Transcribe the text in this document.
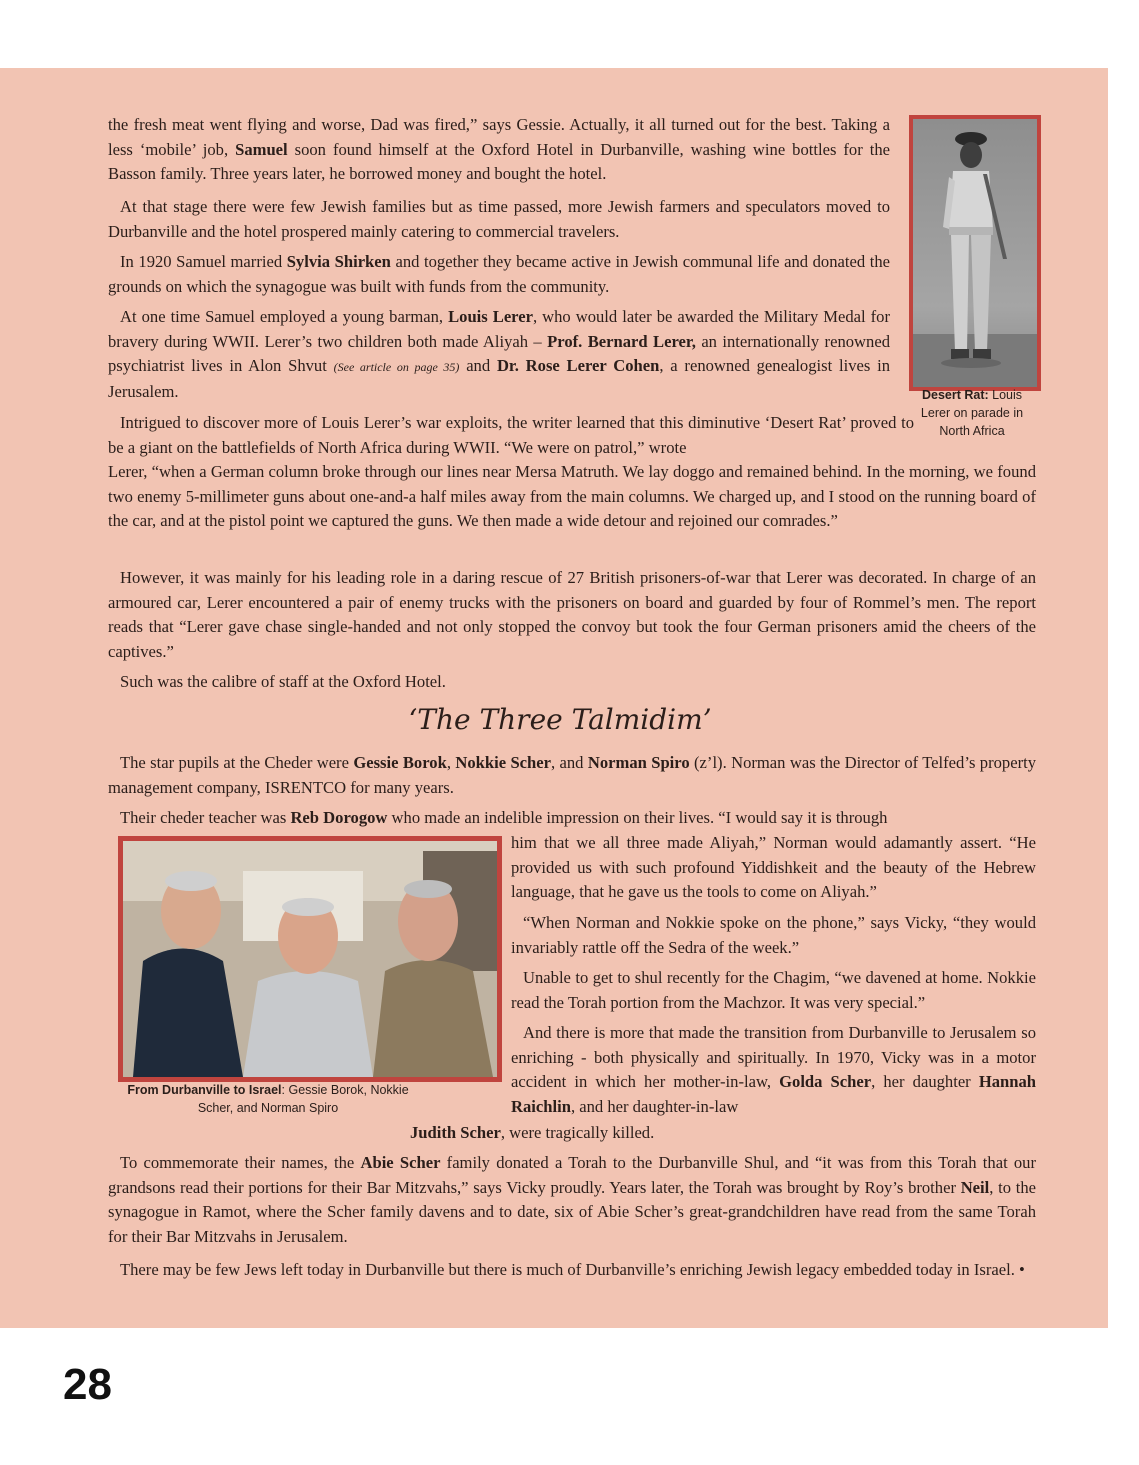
the fresh meat went flying and worse, Dad was fired,” says Gessie. Actually, it all turned out for the best. Taking a less ‘mobile’ job, Samuel soon found himself at the Oxford Hotel in Durbanville, washing wine bottles for the Basson family. Three years later, he borrowed money and bought the hotel.

At that stage there were few Jewish families but as time passed, more Jewish farmers and speculators moved to Durbanville and the hotel prospered mainly catering to commercial travelers.

In 1920 Samuel married Sylvia Shirken and together they became active in Jewish communal life and donated the grounds on which the synagogue was built with funds from the community.

At one time Samuel employed a young barman, Louis Lerer, who would later be awarded the Military Medal for bravery during WWII. Lerer’s two children both made Aliyah – Prof. Bernard Lerer, an internationally renowned psychiatrist lives in Alon Shvut (See article on page 35) and Dr. Rose Lerer Cohen, a renowned genealogist lives in Jerusalem.

Intrigued to discover more of Louis Lerer’s war exploits, the writer learned that this diminutive ‘Desert Rat’ proved to be a giant on the battlefields of North Africa during WWII. “We were on patrol,” wrote

Lerer, “when a German column broke through our lines near Mersa Matruth. We lay doggo and remained behind. In the morning, we found two enemy 5-millimeter guns about one-and-a half miles away from the main columns. We charged up, and I stood on the running board of the car, and at the pistol point we captured the guns. We then made a wide detour and rejoined our comrades.”

However, it was mainly for his leading role in a daring rescue of 27 British prisoners-of-war that Lerer was decorated. In charge of an armoured car, Lerer encountered a pair of enemy trucks with the prisoners on board and guarded by four of Rommel’s men. The report reads that “Lerer gave chase single-handed and not only stopped the convoy but took the four German prisoners amid the cheers of the captives.”

Such was the calibre of staff at the Oxford Hotel.

‘The Three Talmidim’

The star pupils at the Cheder were Gessie Borok, Nokkie Scher, and Norman Spiro (z’l). Norman was the Director of Telfed’s property management company, ISRENTCO for many years.

Their cheder teacher was Reb Dorogow who made an indelible impression on their lives. “I would say it is through

him that we all three made Aliyah,” Norman would adamantly assert. “He provided us with such profound Yiddishkeit and the beauty of the Hebrew language, that he gave us the tools to come on Aliyah.”

“When Norman and Nokkie spoke on the phone,” says Vicky, “they would invariably rattle off the Sedra of the week.”

Unable to get to shul recently for the Chagim, “we davened at home. Nokkie read the Torah portion from the Machzor. It was very special.”

And there is more that made the transition from Durbanville to Jerusalem so enriching - both physically and spiritually. In 1970, Vicky was in a motor accident in which her mother-in-law, Golda Scher, her daughter Hannah Raichlin, and her daughter-in-law

Judith Scher, were tragically killed.

To commemorate their names, the Abie Scher family donated a Torah to the Durbanville Shul, and “it was from this Torah that our grandsons read their portions for their Bar Mitzvahs,” says Vicky proudly. Years later, the Torah was brought by Roy’s brother Neil, to the synagogue in Ramot, where the Scher family davens and to date, six of Abie Scher’s great-grandchildren have read from the same Torah for their Bar Mitzvahs in Jerusalem.

There may be few Jews left today in Durbanville but there is much of Durbanville’s enriching Jewish legacy embedded today in Israel. •

Desert Rat: Louis Lerer on parade in North Africa
From Durbanville to Israel: Gessie Borok, Nokkie Scher, and Norman Spiro
28
